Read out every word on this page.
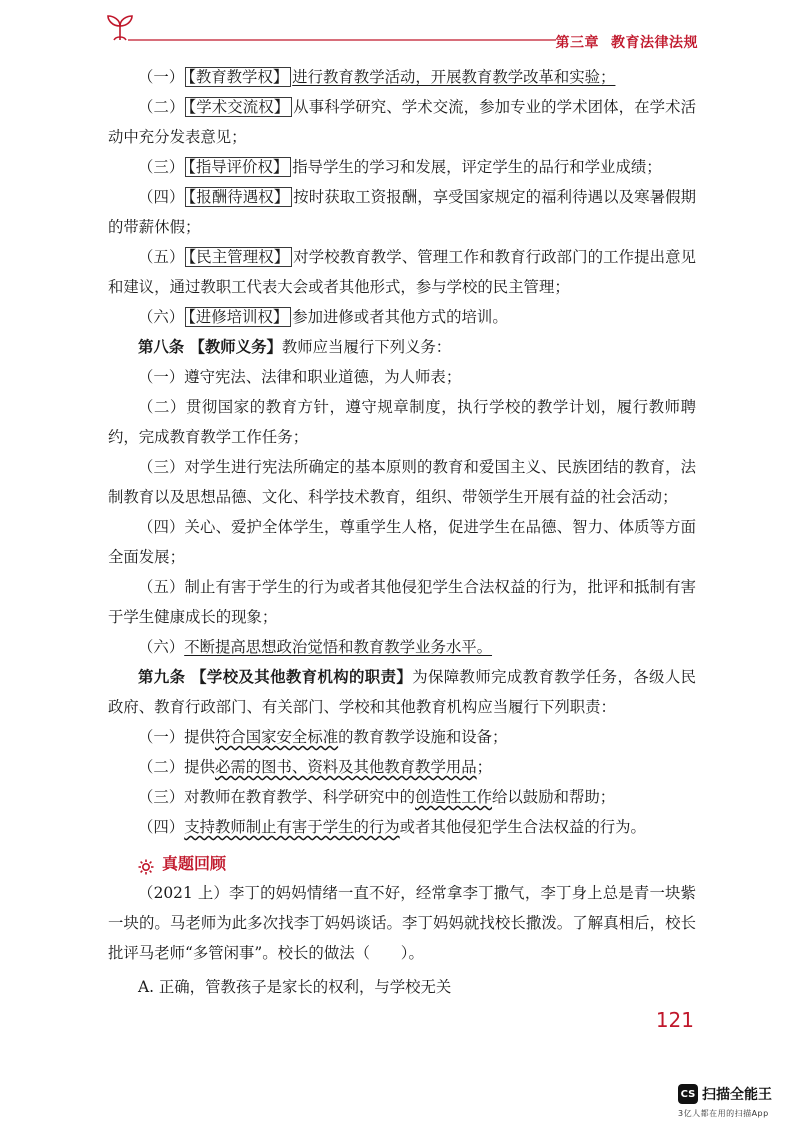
第三章 教育法律法规

（一） 【教育教学权】 进行教育教学活动，开展教育教学改革和实验；

（二） 【学术交流权】 从事科学研究、学术交流，参加专业的学术团体，在学术活动中充分发表意见；

（三） 【指导评价权】 指导学生的学习和发展，评定学生的品行和学业成绩；

（四） 【报酬待遇权】 按时获取工资报酬，享受国家规定的福利待遇以及寒暑假期的带薪休假；

（五） 【民主管理权】 对学校教育教学、管理工作和教育行政部门的工作提出意见和建议，通过教职工代表大会或者其他形式，参与学校的民主管理；

（六） 【进修培训权】 参加进修或者其他方式的培训。

第八条 【教师义务】教师应当履行下列义务：

（一）遵守宪法、法律和职业道德，为人师表；

（二）贯彻国家的教育方针，遵守规章制度，执行学校的教学计划，履行教师聘约，完成教育教学工作任务；

（三）对学生进行宪法所确定的基本原则的教育和爱国主义、民族团结的教育，法制教育以及思想品德、文化、科学技术教育，组织、带领学生开展有益的社会活动；

（四）关心、爱护全体学生，尊重学生人格，促进学生在品德、智力、体质等方面全面发展；

（五）制止有害于学生的行为或者其他侵犯学生合法权益的行为，批评和抵制有害于学生健康成长的现象；

（六）不断提高思想政治觉悟和教育教学业务水平。

第九条 【学校及其他教育机构的职责】为保障教师完成教育教学任务，各级人民政府、教育行政部门、有关部门、学校和其他教育机构应当履行下列职责：

（一）提供符合国家安全标准的教育教学设施和设备；

（二）提供必需的图书、资料及其他教育教学用品；

（三）对教师在教育教学、科学研究中的创造性工作给以鼓励和帮助；

（四）支持教师制止有害于学生的行为或者其他侵犯学生合法权益的行为。

真题回顾

（2021 上）李丁的妈妈情绪一直不好，经常拿李丁撒气，李丁身上总是青一块紫一块的。马老师为此多次找李丁妈妈谈话。李丁妈妈就找校长撒泼。了解真相后，校长批评马老师“多管闲事”。校长的做法（　　）。

A. 正确，管教孩子是家长的权利，与学校无关

121
CS 扫描全能王
3亿人都在用的扫描App
